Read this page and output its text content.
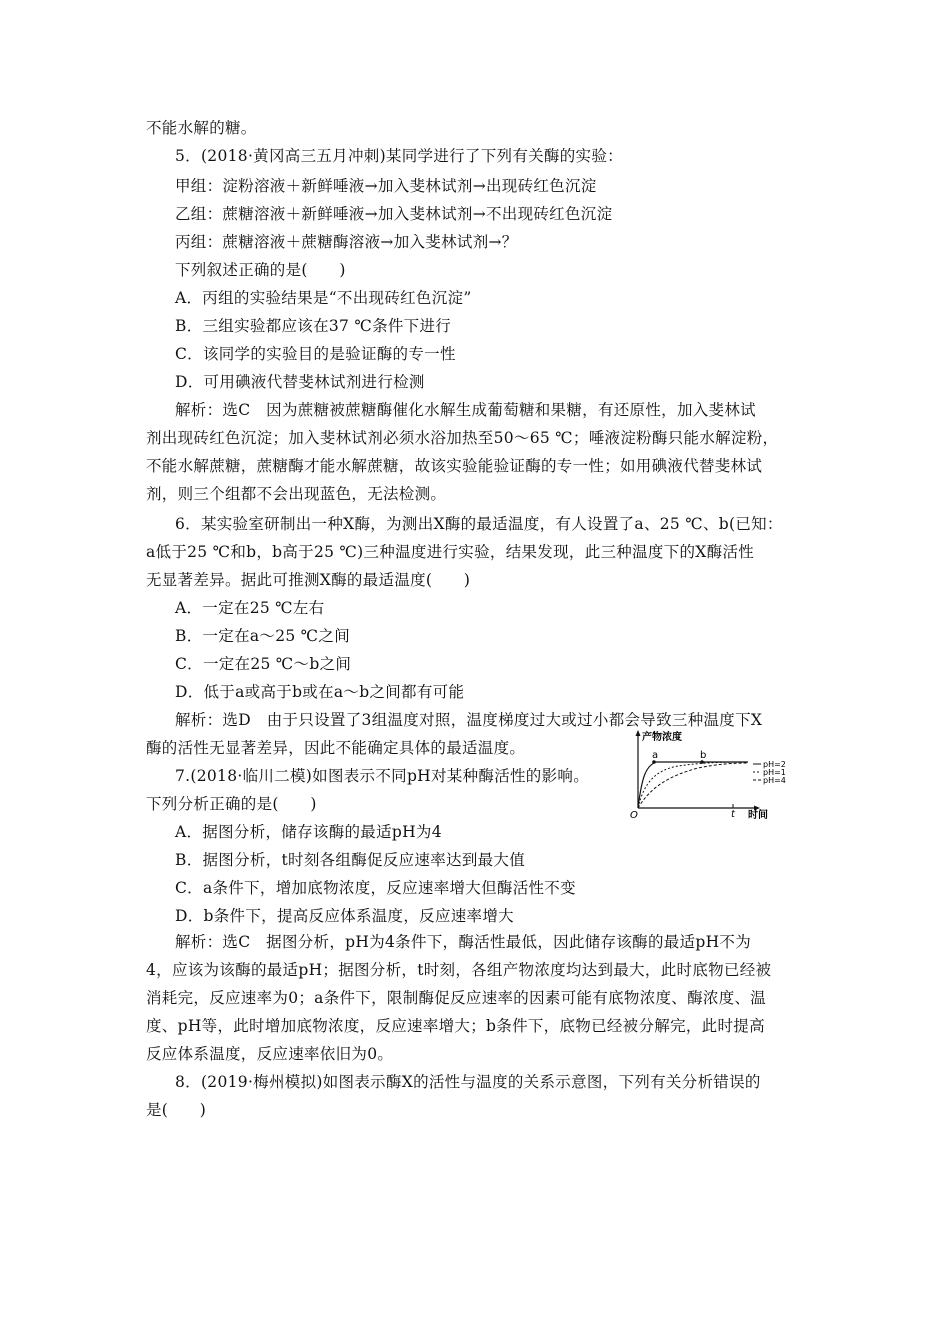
不能水解的糖。
5．(2018·黄冈高三五月冲刺)某同学进行了下列有关酶的实验：
甲组：淀粉溶液＋新鲜唾液→加入斐林试剂→出现砖红色沉淀
乙组：蔗糖溶液＋新鲜唾液→加入斐林试剂→不出现砖红色沉淀
丙组：蔗糖溶液＋蔗糖酶溶液→加入斐林试剂→？
下列叙述正确的是(　　)
A．丙组的实验结果是“不出现砖红色沉淀”
B．三组实验都应该在37 ℃条件下进行
C．该同学的实验目的是验证酶的专一性
D．可用碘液代替斐林试剂进行检测
解析：选C　因为蔗糖被蔗糖酶催化水解生成葡萄糖和果糖，有还原性，加入斐林试
剂出现砖红色沉淀；加入斐林试剂必须水浴加热至50～65 ℃；唾液淀粉酶只能水解淀粉，
不能水解蔗糖，蔗糖酶才能水解蔗糖，故该实验能验证酶的专一性；如用碘液代替斐林试
剂，则三个组都不会出现蓝色，无法检测。
6．某实验室研制出一种X酶，为测出X酶的最适温度，有人设置了a、25 ℃、b(已知：
a低于25 ℃和b，b高于25 ℃)三种温度进行实验，结果发现，此三种温度下的X酶活性
无显著差异。据此可推测X酶的最适温度(　　)
A．一定在25 ℃左右
B．一定在a～25 ℃之间
C．一定在25 ℃～b之间
D．低于a或高于b或在a～b之间都有可能
解析：选D　由于只设置了3组温度对照，温度梯度过大或过小都会导致三种温度下X
酶的活性无显著差异，因此不能确定具体的最适温度。
7.(2018·临川二模)如图表示不同pH对某种酶活性的影响。
下列分析正确的是(　　)
A．据图分析，储存该酶的最适pH为4
B．据图分析，t时刻各组酶促反应速率达到最大值
C．a条件下，增加底物浓度，反应速率增大但酶活性不变
D．b条件下，提高反应体系温度，反应速率增大
解析：选C　据图分析，pH为4条件下，酶活性最低，因此储存该酶的最适pH不为
4，应该为该酶的最适pH；据图分析，t时刻，各组产物浓度均达到最大，此时底物已经被
消耗完，反应速率为0；a条件下，限制酶促反应速率的因素可能有底物浓度、酶浓度、温
度、pH等，此时增加底物浓度，反应速率增大；b条件下，底物已经被分解完，此时提高
反应体系温度，反应速率依旧为0。
8．(2019·梅州模拟)如图表示酶X的活性与温度的关系示意图，下列有关分析错误的
是(　　)
产物浓度
O	t 时间
a	b
pH=2
pH=1
pH=4
